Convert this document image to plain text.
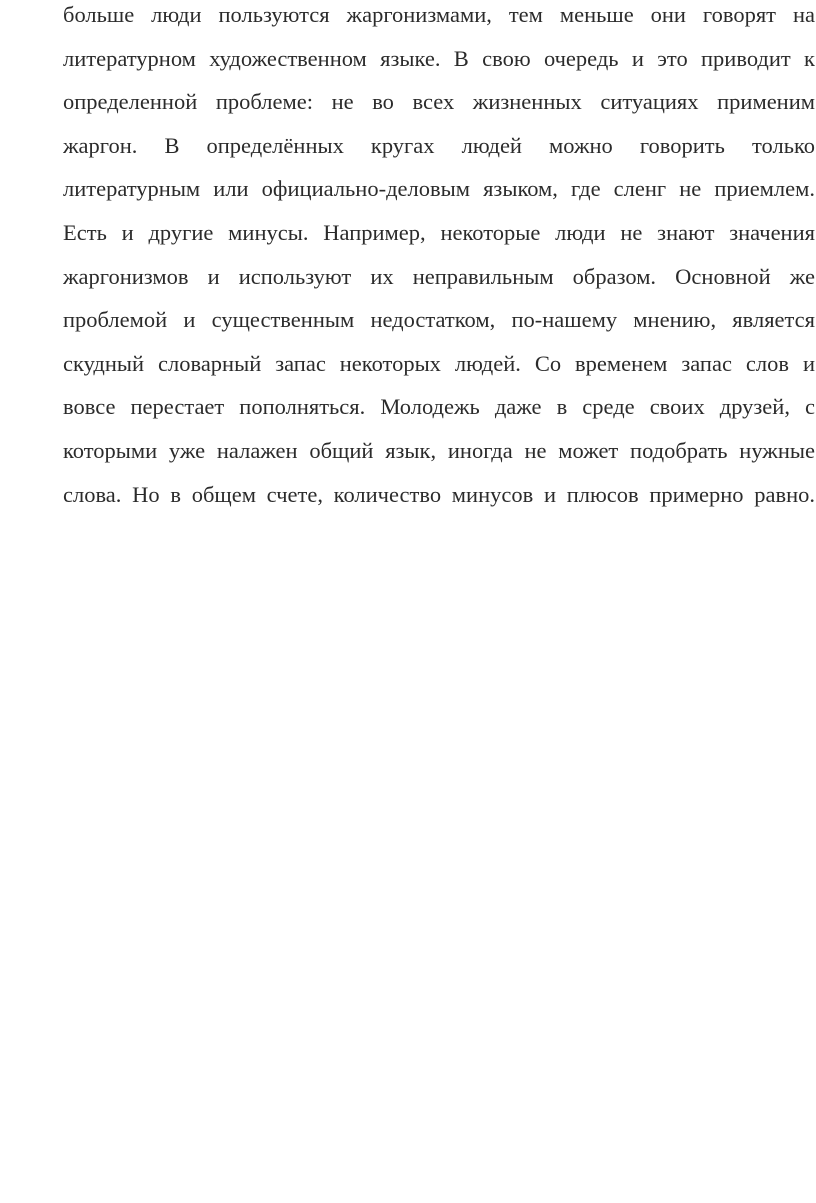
больше люди пользуются жаргонизмами, тем меньше они говорят на
литературном художественном языке. В свою очередь и это приводит к
определенной проблеме: не во всех жизненных ситуациях применим
жаргон. В определённых кругах людей можно говорить только
литературным или официально-деловым языком, где сленг не приемлем.
Есть и другие минусы. Например, некоторые люди не знают значения
жаргонизмов и используют их неправильным образом. Основной же
проблемой и существенным недостатком, по-нашему мнению, является
скудный словарный запас некоторых людей. Со временем запас слов и
вовсе перестает пополняться. Молодежь даже в среде своих друзей, с
которыми уже налажен общий язык, иногда не может подобрать нужные
слова. Но в общем счете, количество минусов и плюсов примерно равно.
